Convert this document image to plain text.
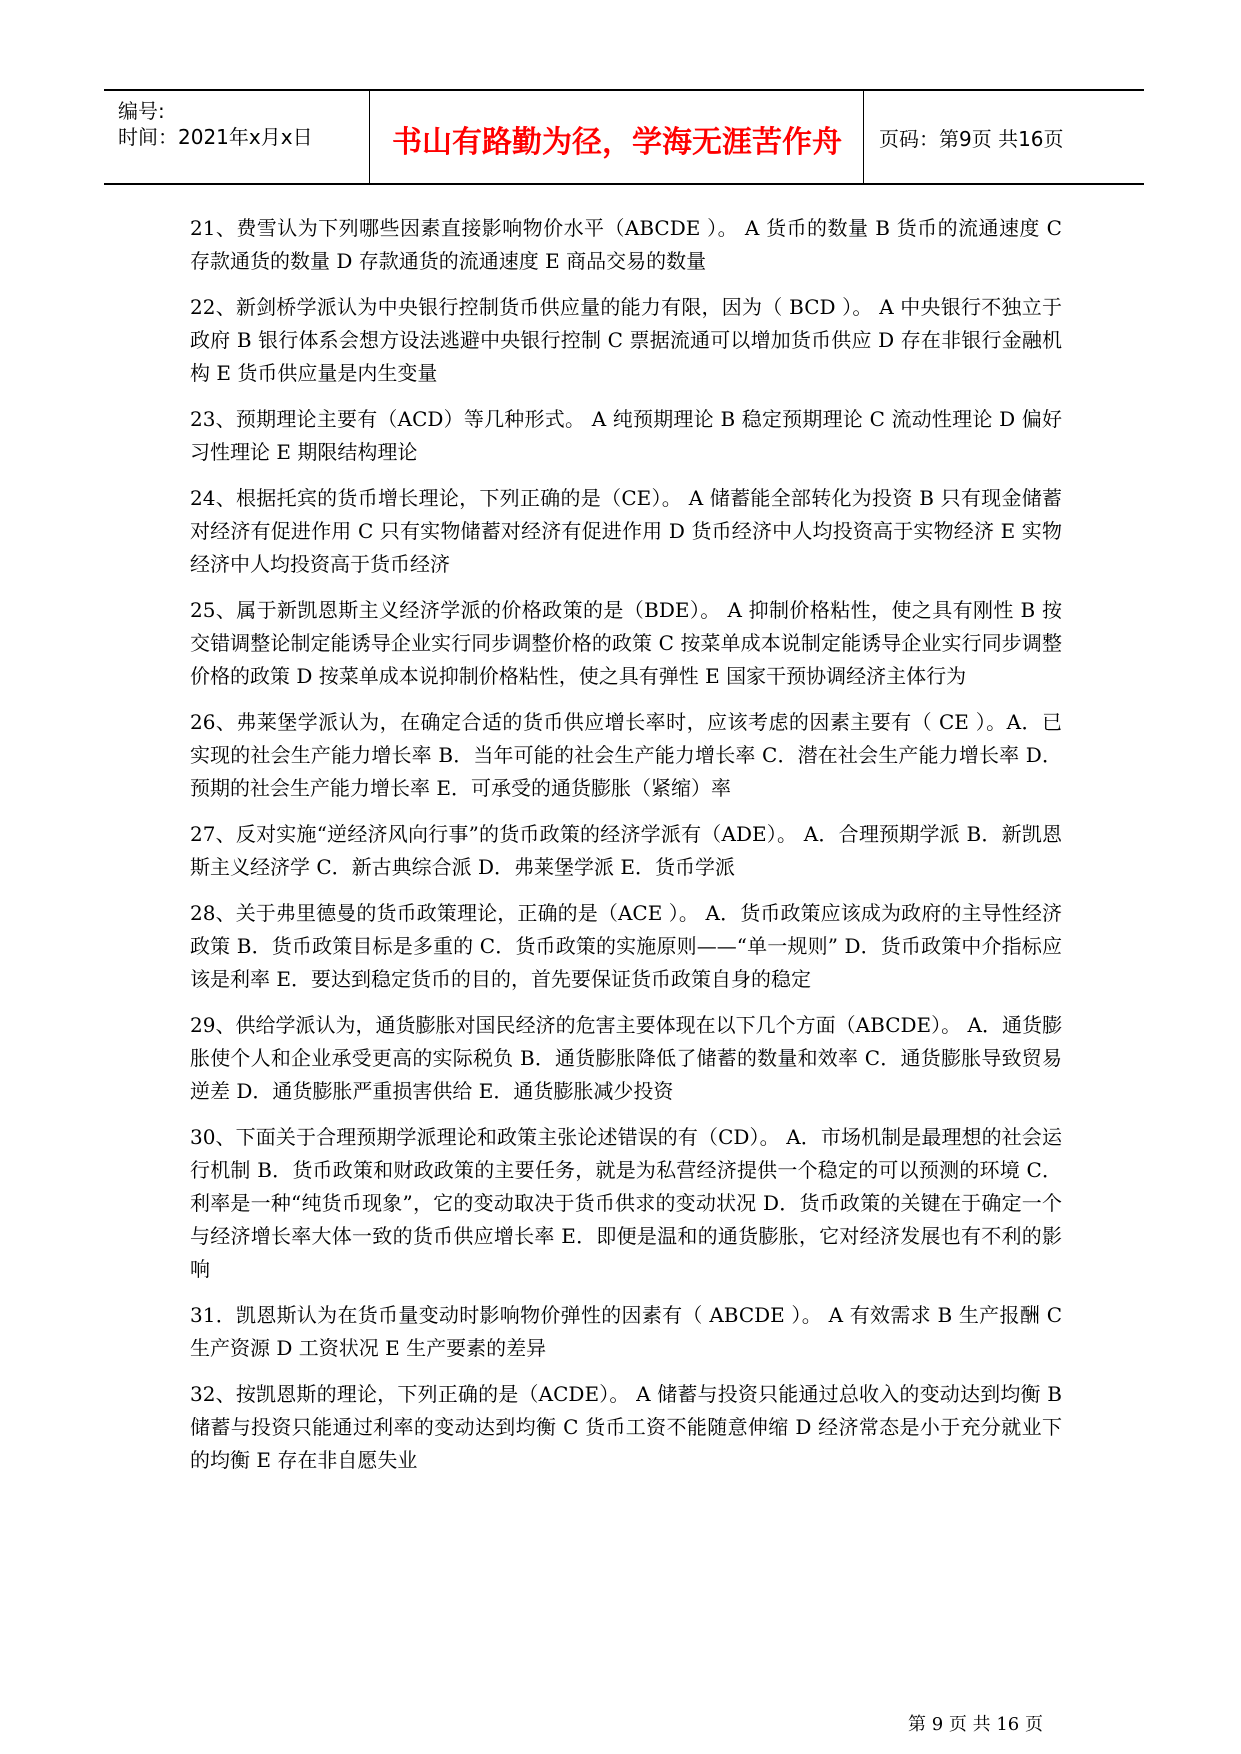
编号:
时间：2021年x月x日	书山有路勤为径，学海无涯苦作舟	页码：第9页 共16页

21、费雪认为下列哪些因素直接影响物价水平（ABCDE ）。 A 货币的数量 B 货币的流通速度 C 存款通货的数量 D 存款通货的流通速度 E 商品交易的数量

22、新剑桥学派认为中央银行控制货币供应量的能力有限，因为（ BCD ）。 A 中央银行不独立于政府 B 银行体系会想方设法逃避中央银行控制 C 票据流通可以增加货币供应 D 存在非银行金融机构 E 货币供应量是内生变量

23、预期理论主要有（ACD）等几种形式。 A 纯预期理论 B 稳定预期理论 C 流动性理论 D 偏好习性理论 E 期限结构理论

24、根据托宾的货币增长理论，下列正确的是（CE）。 A 储蓄能全部转化为投资 B 只有现金储蓄对经济有促进作用 C 只有实物储蓄对经济有促进作用 D 货币经济中人均投资高于实物经济 E 实物经济中人均投资高于货币经济

25、属于新凯恩斯主义经济学派的价格政策的是（BDE）。 A 抑制价格粘性，使之具有刚性 B 按交错调整论制定能诱导企业实行同步调整价格的政策 C 按菜单成本说制定能诱导企业实行同步调整价格的政策 D 按菜单成本说抑制价格粘性，使之具有弹性 E 国家干预协调经济主体行为

26、弗莱堡学派认为，在确定合适的货币供应增长率时，应该考虑的因素主要有（ CE ）。A．已实现的社会生产能力增长率 B．当年可能的社会生产能力增长率 C．潜在社会生产能力增长率 D．预期的社会生产能力增长率 E．可承受的通货膨胀（紧缩）率

27、反对实施“逆经济风向行事”的货币政策的经济学派有（ADE）。 A．合理预期学派 B．新凯恩斯主义经济学 C．新古典综合派 D．弗莱堡学派 E．货币学派

28、关于弗里德曼的货币政策理论，正确的是（ACE ）。 A．货币政策应该成为政府的主导性经济政策 B．货币政策目标是多重的 C．货币政策的实施原则——“单一规则” D．货币政策中介指标应该是利率 E．要达到稳定货币的目的，首先要保证货币政策自身的稳定

29、供给学派认为，通货膨胀对国民经济的危害主要体现在以下几个方面（ABCDE）。 A．通货膨胀使个人和企业承受更高的实际税负 B．通货膨胀降低了储蓄的数量和效率 C．通货膨胀导致贸易逆差 D．通货膨胀严重损害供给 E．通货膨胀减少投资

30、下面关于合理预期学派理论和政策主张论述错误的有（CD）。 A．市场机制是最理想的社会运行机制 B．货币政策和财政政策的主要任务，就是为私营经济提供一个稳定的可以预测的环境 C．利率是一种“纯货币现象”，它的变动取决于货币供求的变动状况 D．货币政策的关键在于确定一个与经济增长率大体一致的货币供应增长率 E．即便是温和的通货膨胀，它对经济发展也有不利的影响

31．凯恩斯认为在货币量变动时影响物价弹性的因素有（ ABCDE ）。 A 有效需求 B 生产报酬 C 生产资源 D 工资状况 E 生产要素的差异

32、按凯恩斯的理论，下列正确的是（ACDE）。 A 储蓄与投资只能通过总收入的变动达到均衡 B 储蓄与投资只能通过利率的变动达到均衡 C 货币工资不能随意伸缩 D 经济常态是小于充分就业下的均衡 E 存在非自愿失业

第 9 页 共 16 页
